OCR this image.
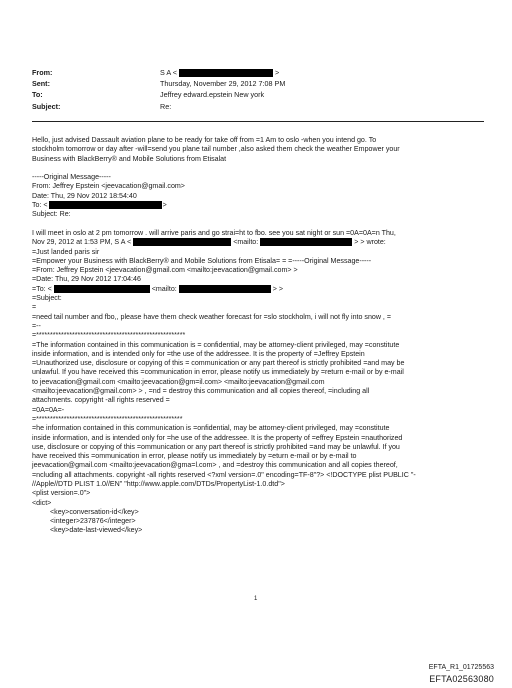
From:	S A <	>
Sent:	Thursday, November 29, 2012 7:08 PM
To:	Jeffrey edward.epstein New york
Subject:	Re:

Hello, just advised Dassault aviation plane to be ready for take off from =1 Am to oslo -when you intend go. To

stockholm tomorrow or day after -will=send you plane tail number ,also asked them check the weather Empower your

Business with BlackBerry® and Mobile Solutions from Etisalat

-----Original Message-----

From: Jeffrey Epstein <jeevacation@gmail.com>

Date: Thu, 29 Nov 2012 18:54:40

To: <	>

Subject: Re:

I will meet in oslo at 2 pm tomorrow . will arrive paris and go strai=ht to fbo. see you sat night or sun =0A=0A=n Thu,

Nov 29, 2012 at 1:53 PM, S A <	<mailto:	> > wrote:

=Just landed paris sir

=Empower your Business with BlackBerry® and Mobile Solutions from Etisala= = =-----Original Message-----

=From: Jeffrey Epstein <jeevacation@gmail.com <mailto:jeevacation@gmail.com> >

=Date: Thu, 29 Nov 2012 17:04:46

=To: <	<mailto:	> >

=Subject:

=

=need tail number and fbo,, please have them check weather forecast for =slo stockholm, i will not fly into snow , =

=--

=******************************************************

=The information contained in this communication is = confidential, may be attorney-client privileged, may =constitute

inside information, and is intended only for =the use of the addressee. It is the property of =Jeffrey Epstein

=Unauthorized use, disclosure or copying of this = communication or any part thereof is strictly prohibited =and may be

unlawful. If you have received this =communication in error, please notify us immediately by =return e-mail or by e-mail

to jeevacation@gmail.com <mailto:jeevacation@gm=il.com> <mailto:jeevacation@gmail.com

<mailto:jeevacation@gmail.com> > , =nd = destroy this communication and all copies thereof, =including all

attachments. copyright -all rights reserved =

=0A=0A=-

=*****************************************************

=he information contained in this communication is =onfidential, may be attorney-client privileged, may =constitute

inside information, and is intended only for =he use of the addressee. It is the property of =effrey Epstein =nauthorized

use, disclosure or copying of this =ommunication or any part thereof is strictly prohibited =and may be unlawful. If you

have received this =ommunication in error, please notify us immediately by =eturn e-mail or by e-mail to

jeevacation@gmail.com <mailto:jeevacation@gma=l.com> , and =destroy this communication and all copies thereof,

=ncluding all attachments. copyright -all rights reserved <?xml version=.0" encoding=TF-8"?> <!DOCTYPE plist PUBLIC "-

//Apple//DTD PLIST 1.0//EN" "http://www.apple.com/DTDs/PropertyList-1.0.dtd">

<plist version=.0">

<dict>

<key>conversation-id</key>

<integer>237876</integer>

<key>date-last-viewed</key>

1
EFTA_R1_01725563
EFTA02563080
